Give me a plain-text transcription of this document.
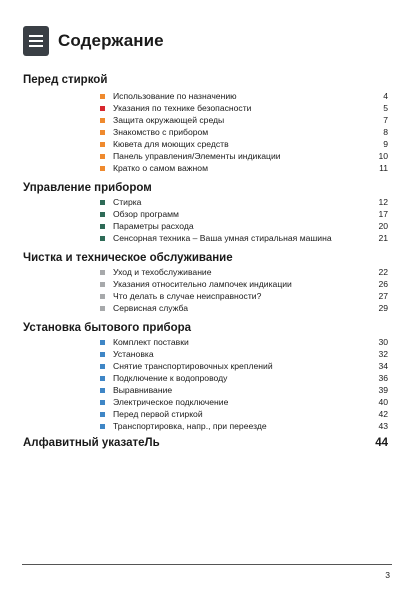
Содержание
Перед стиркой
Использование по назначению	4
Указания по технике безопасности	5
Защита окружающей среды	7
Знакомство с прибором	8
Кювета для моющих средств	9
Панель управления/Элементы индикации	10
Кратко о самом важном	11
Управление прибором
Стирка	12
Обзор программ	17
Параметры расхода	20
Сенсорная техника – Ваша умная стиральная машина	21
Чистка и техническое обслуживание
Уход и техобслуживание	22
Указания относительно лампочек индикации	26
Что делать в случае неисправности?	27
Сервисная служба	29
Установка бытового прибора
Комплект поставки	30
Установка	32
Снятие транспортировочных креплений	34
Подключение к водопроводу	36
Выравнивание	39
Электрическое подключение	40
Перед первой стиркой	42
Транспортировка, напр., при переезде	43
Алфавитный указатеЛь	44
3
